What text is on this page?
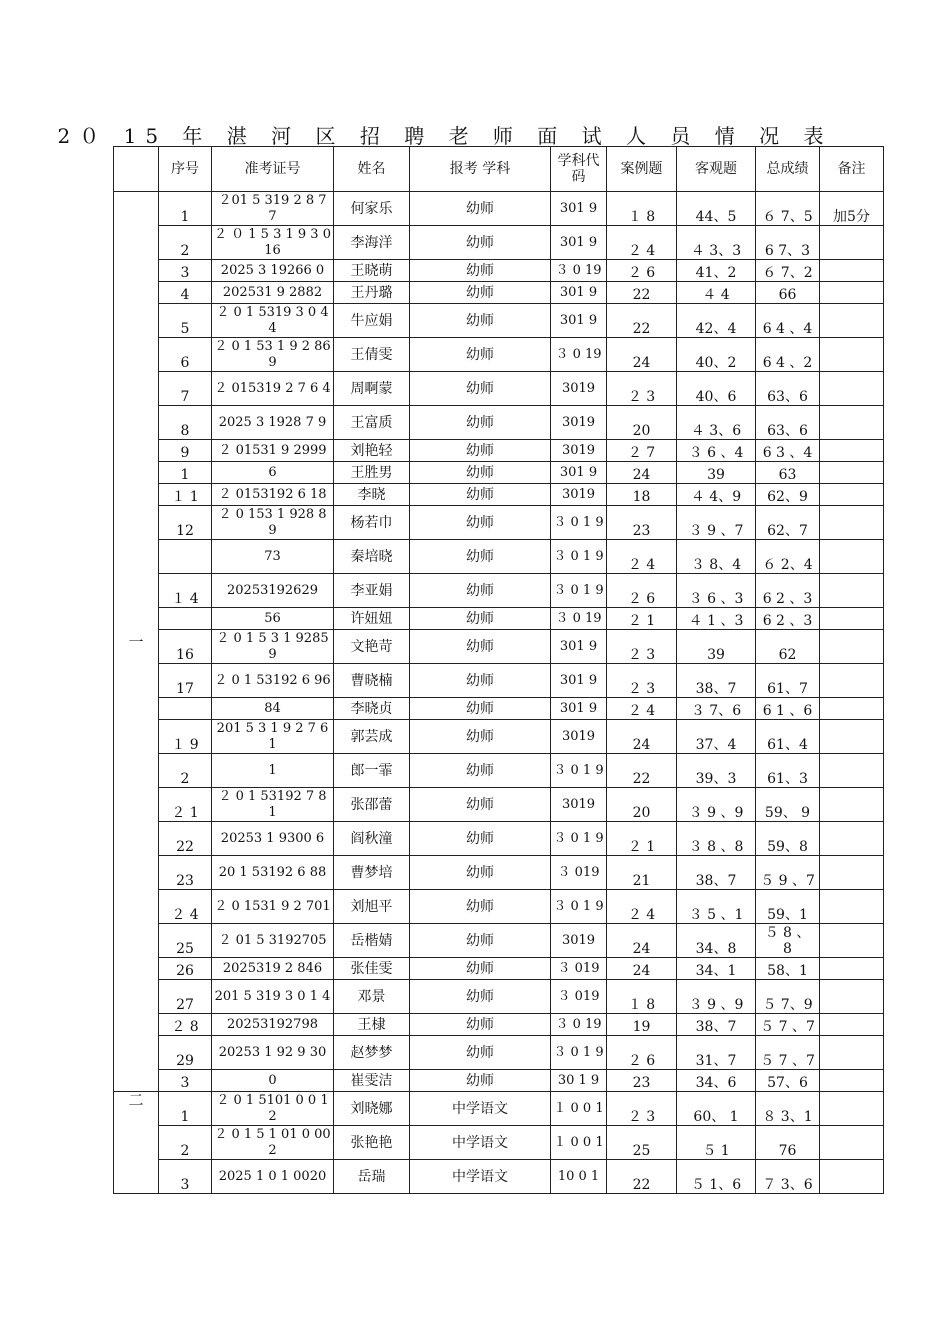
2０ 15 年 湛 河 区 招 聘 老 师 面 试 人 员 情 况 表
	序号	准考证号	姓名	报考 学科	学科代码	案例题	客观题	总成绩	备注
一	1	２01 5 319 2 8 7 7	何家乐	幼师	301 9	１ 8	44、5	６ 7、5	加5分
	2	２ ０ 1 5 3 1 9 3 016	李海洋	幼师	301 9	２ 4	４ 3、3	6 7、3	
	3	2025 3 19266 0	王晓萌	幼师	３ 0 19	２ 6	41、2	６ 7、2	
	4	202531 9 2882	王丹璐	幼师	301 9	22	４ 4	66	
	5	２ 0 1 5319 3 0 44	牛应娟	幼师	301 9	22	42、4	6 4 、4	
	6	２ 0 1 53 1 9 2 86 9	王倩雯	幼师	３ 0 19	24	40、2	6 4 、2	
	7	２ 015319 2 7 6 4	周啊蒙	幼师	3019	２ 3	40、6	63、6	
	8	2025 3 1928 7 9	王富质	幼师	3019	20	４ 3、6	63、6	
	9	２ 01531 9 2999	刘艳轻	幼师	3019	２ 7	３ 6 、4	6 3 、4	
	1	6	王胜男	幼师	301 9	24	39	63	
	１ 1	２ 0153192 6 18	李晓	幼师	3019	18	４ 4、9	62、9	
	12	２ 0 153 1 928 8 9	杨若巾	幼师	３ 0 1 9	23	３ 9 、7	62、7	
		73	秦培晓	幼师	３ 0 1 9	２ 4	３ 8、4	６ 2、4	
	１ 4	20253192629	李亚娟	幼师	３ 0 1 9	２ 6	３ 6 、3	6 2 、3	
		56	许妞妞	幼师	３ 0 19	２ 1	４ 1 、3	6 2 、3	
	16	２ 0 1 5 3 1 92859	文艳苛	幼师	301 9	２ 3	39	62	
	17	２ 0 1 53192 6 96	曹晓楠	幼师	301 9	２ 3	38、7	61、7	
		84	李晓贞	幼师	301 9	２ 4	３ 7、6	6 1 、6	
	１ 9	201 5 3 1 9 2 7 6 1	郭芸成	幼师	3019	24	37、4	61、4	
	2	1	郎一霏	幼师	３ 0 1 9	22	39、3	61、3	
	２ 1	２ 0 1 53192 7 8 1	张邵蕾	幼师	3019	20	３ 9 、9	59、 9	
	22	20253 1 9300 6	阎秋潼	幼师	３ 0 1 9	２ 1	３ 8 、8	59、8	
	23	20 1 53192 6 88	曹梦培	幼师	３ 019	21	38、7	５ 9 、7	
	２ 4	２ 0 1531 9 2 701	刘旭平	幼师	３ 0 1 9	２ 4	３ 5 、1	59、1	
	25	２ 01 5 3192705	岳楷婧	幼师	3019	24	34、8	５ 8 、 8	
	26	2025319 2 846	张佳雯	幼师	３ 019	24	34、1	58、1	
	27	201 5 319 3 0 1 4	邓景	幼师	３ 019	１ 8	３ 9 、9	５ 7、9	
	２ 8	20253192798	王棣	幼师	３ 0 19	19	38、7	５ 7 、7	
	29	20253 1 92 9 30	赵梦梦	幼师	３ 0 1 9	２ 6	31、7	５ 7 、7	
	3	0	崔雯洁	幼师	30 1 9	23	34、6	57、6	
二	1	２ 0 1 5101 0 0 12	刘晓娜	中学语文	１ 0 0 1	２ 3	60、 1	８ 3、1	
	2	２ 0 1 5 1 01 0 00 2	张艳艳	中学语文	１ 0 0 1	25	５ 1	76	
	3	2025 1 0 1 0020	岳瑞	中学语文	10 0 1	22	５ 1、6	７ 3、6	
